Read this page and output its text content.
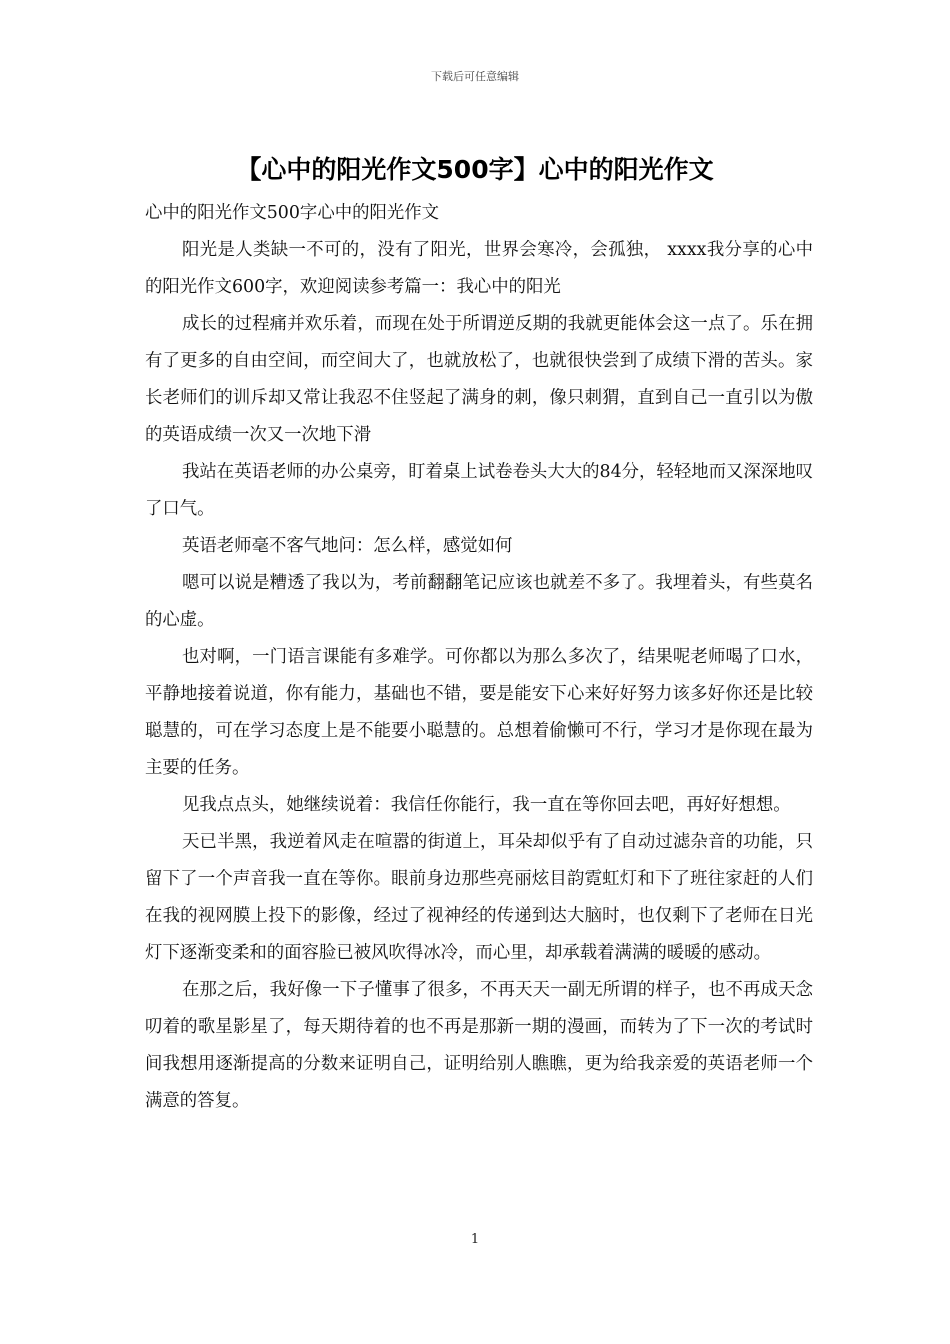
下载后可任意编辑
【心中的阳光作文500字】心中的阳光作文

心中的阳光作文500字心中的阳光作文

阳光是人类缺一不可的，没有了阳光，世界会寒冷，会孤独， xxxx我分享的心中的阳光作文600字，欢迎阅读参考篇一：我心中的阳光

成长的过程痛并欢乐着，而现在处于所谓逆反期的我就更能体会这一点了。乐在拥有了更多的自由空间，而空间大了，也就放松了，也就很快尝到了成绩下滑的苦头。家长老师们的训斥却又常让我忍不住竖起了满身的刺，像只刺猬，直到自己一直引以为傲的英语成绩一次又一次地下滑

我站在英语老师的办公桌旁，盯着桌上试卷卷头大大的84分，轻轻地而又深深地叹了口气。

英语老师毫不客气地问：怎么样，感觉如何

嗯可以说是糟透了我以为，考前翻翻笔记应该也就差不多了。我埋着头，有些莫名的心虚。

也对啊，一门语言课能有多难学。可你都以为那么多次了，结果呢老师喝了口水，平静地接着说道，你有能力，基础也不错，要是能安下心来好好努力该多好你还是比较聪慧的，可在学习态度上是不能要小聪慧的。总想着偷懒可不行，学习才是你现在最为主要的任务。

见我点点头，她继续说着：我信任你能行，我一直在等你回去吧，再好好想想。

天已半黑，我逆着风走在喧嚣的街道上，耳朵却似乎有了自动过滤杂音的功能，只留下了一个声音我一直在等你。眼前身边那些亮丽炫目韵霓虹灯和下了班往家赶的人们在我的视网膜上投下的影像，经过了视神经的传递到达大脑时，也仅剩下了老师在日光灯下逐渐变柔和的面容脸已被风吹得冰冷，而心里，却承载着满满的暖暖的感动。

在那之后，我好像一下子懂事了很多，不再天天一副无所谓的样子，也不再成天念叨着的歌星影星了，每天期待着的也不再是那新一期的漫画，而转为了下一次的考试时间我想用逐渐提高的分数来证明自己，证明给别人瞧瞧，更为给我亲爱的英语老师一个满意的答复。

1
